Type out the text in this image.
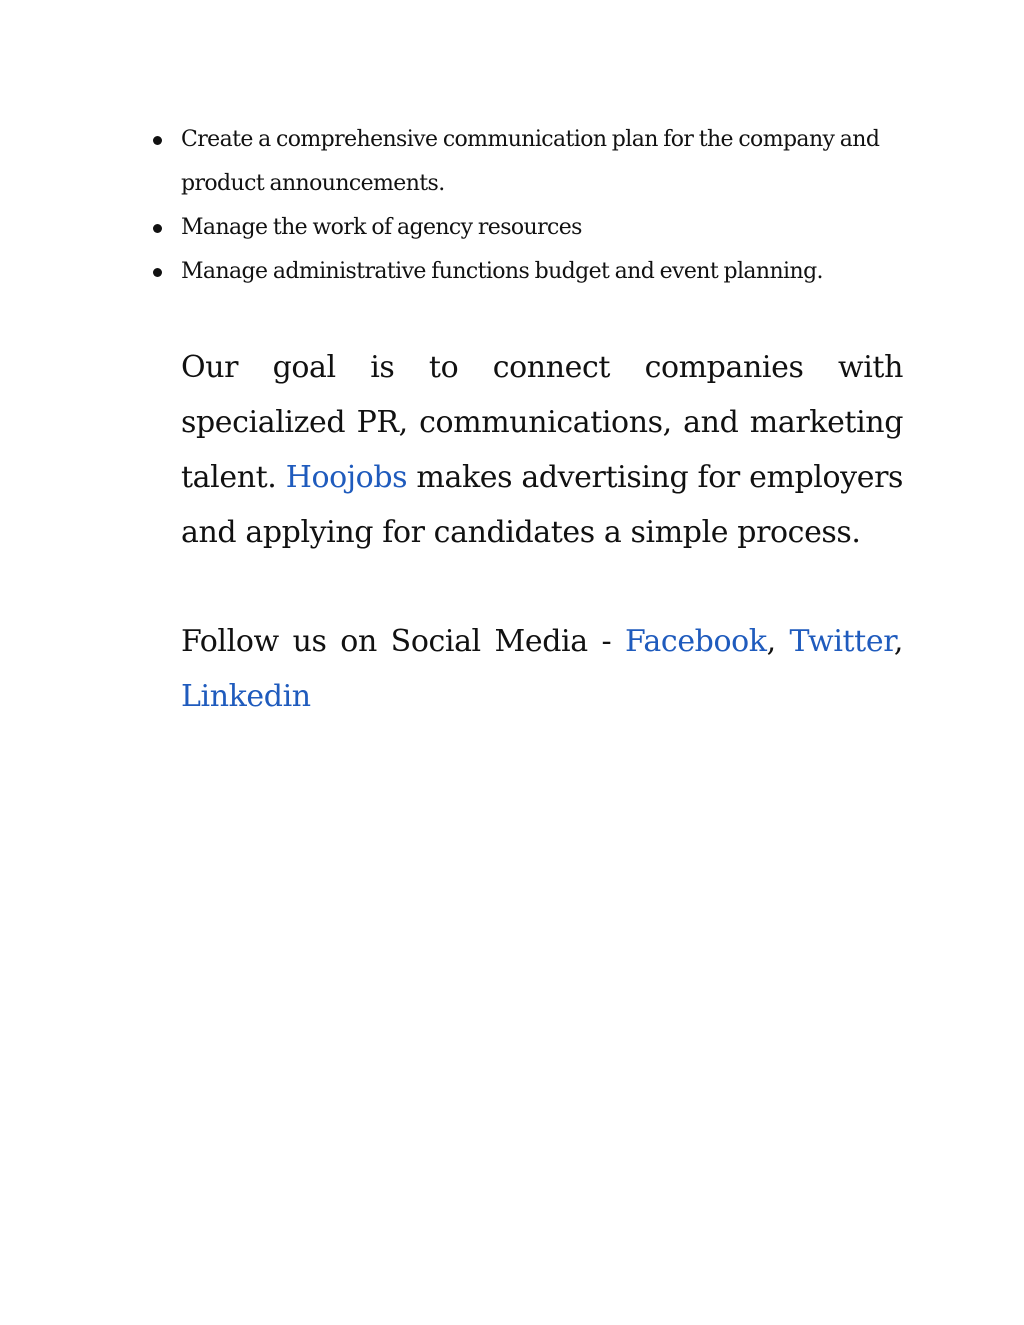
Create a comprehensive communication plan for the company and product announcements.
Manage the work of agency resources
Manage administrative functions budget and event planning.

Our goal is to connect companies with specialized PR, communications, and marketing talent. Hoojobs makes advertising for employers and applying for candidates a simple process.

Follow us on Social Media - Facebook, Twitter, Linkedin
